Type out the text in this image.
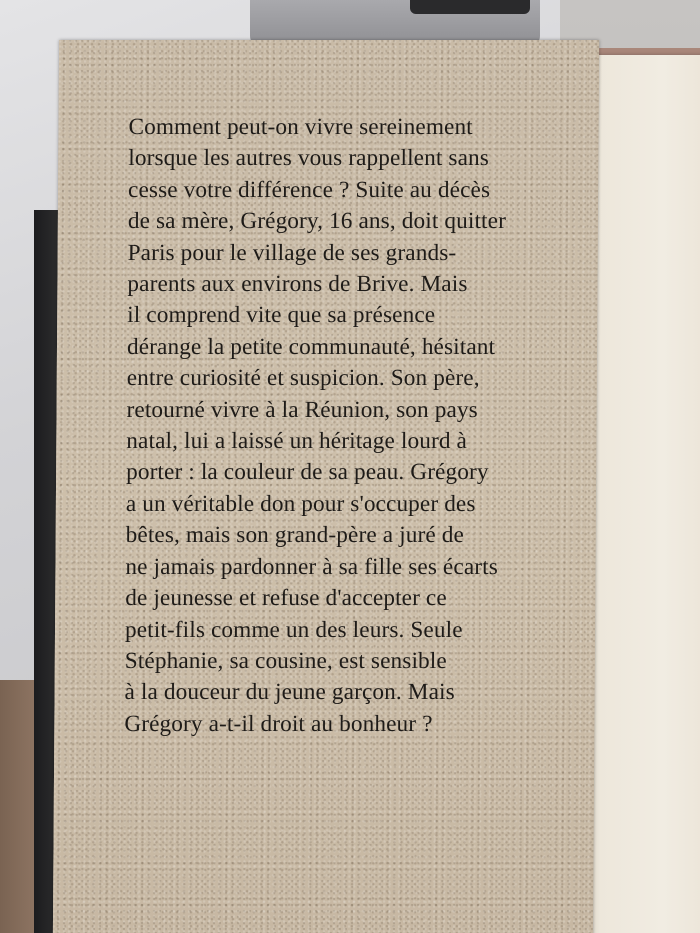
Comment peut-on vivre sereinement
lorsque les autres vous rappellent sans
cesse votre différence ? Suite au décès
de sa mère, Grégory, 16 ans, doit quitter
Paris pour le village de ses grands-
parents aux environs de Brive. Mais
il comprend vite que sa présence
dérange la petite communauté, hésitant
entre curiosité et suspicion. Son père,
retourné vivre à la Réunion, son pays
natal, lui a laissé un héritage lourd à
porter : la couleur de sa peau. Grégory
a un véritable don pour s'occuper des
bêtes, mais son grand-père a juré de
ne jamais pardonner à sa fille ses écarts
de jeunesse et refuse d'accepter ce
petit-fils comme un des leurs. Seule
Stéphanie, sa cousine, est sensible
à la douceur du jeune garçon. Mais
Grégory a-t-il droit au bonheur ?
